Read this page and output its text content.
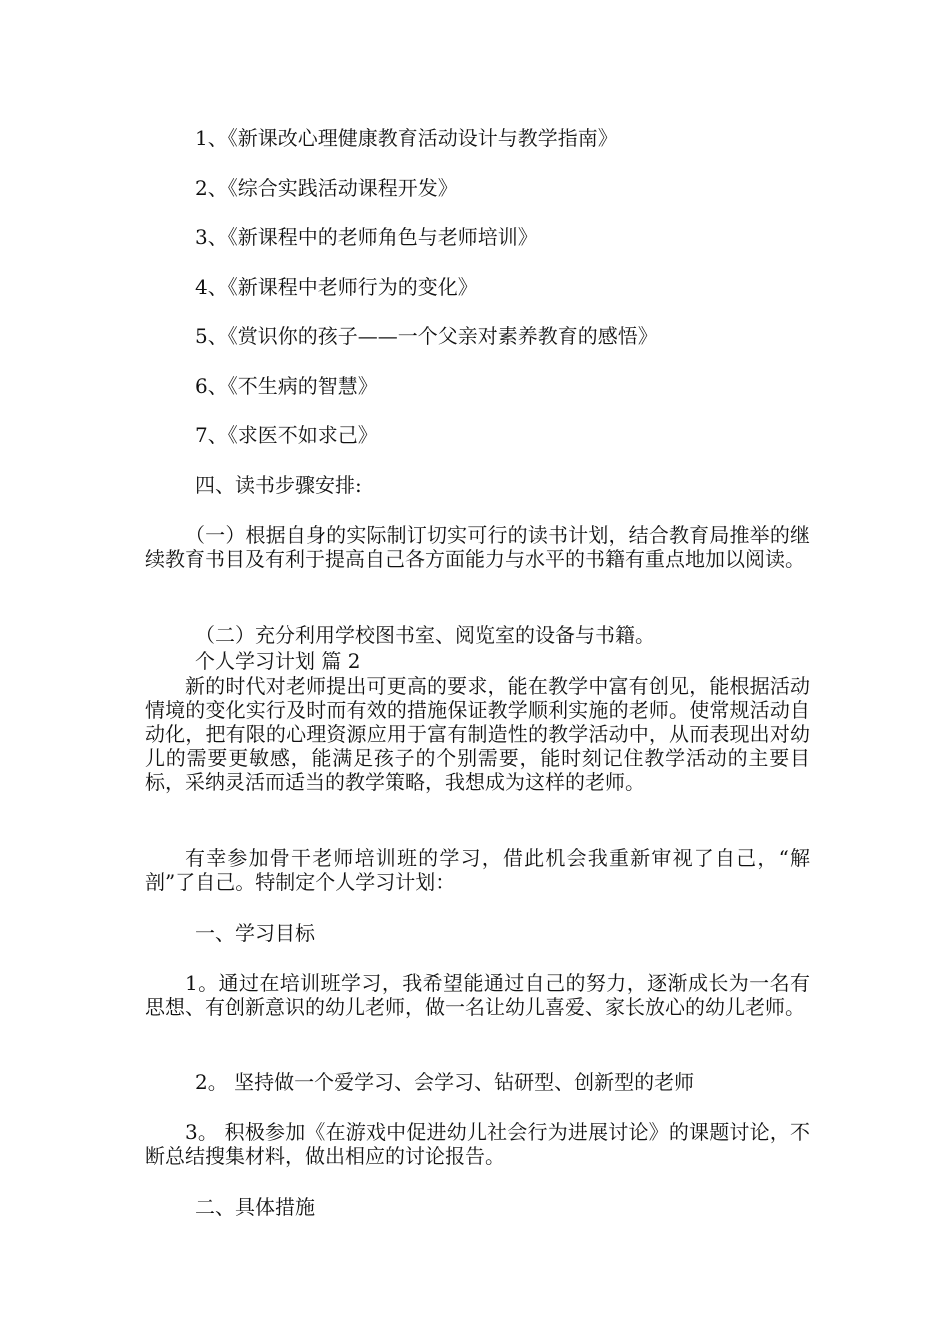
1、《新课改心理健康教育活动设计与教学指南》
2、《综合实践活动课程开发》
3、《新课程中的老师角色与老师培训》
4、《新课程中老师行为的变化》
5、《赏识你的孩子——一个父亲对素养教育的感悟》
6、《不生病的智慧》
7、《求医不如求己》
四、读书步骤安排:
（一）根据自身的实际制订切实可行的读书计划，结合教育局推举的继续教育书目及有利于提高自己各方面能力与水平的书籍有重点地加以阅读。
（二）充分利用学校图书室、阅览室的设备与书籍。
个人学习计划 篇 2
新的时代对老师提出可更高的要求，能在教学中富有创见，能根据活动情境的变化实行及时而有效的措施保证教学顺利实施的老师。使常规活动自动化，把有限的心理资源应用于富有制造性的教学活动中，从而表现出对幼儿的需要更敏感，能满足孩子的个别需要，能时刻记住教学活动的主要目标，采纳灵活而适当的教学策略，我想成为这样的老师。
有幸参加骨干老师培训班的学习，借此机会我重新审视了自己，“解剖”了自己。特制定个人学习计划：
一、学习目标
1。通过在培训班学习，我希望能通过自己的努力，逐渐成长为一名有思想、有创新意识的幼儿老师，做一名让幼儿喜爱、家长放心的幼儿老师。
2。 坚持做一个爱学习、会学习、钻研型、创新型的老师
3。 积极参加《在游戏中促进幼儿社会行为进展讨论》的课题讨论，不断总结搜集材料，做出相应的讨论报告。
二、具体措施
